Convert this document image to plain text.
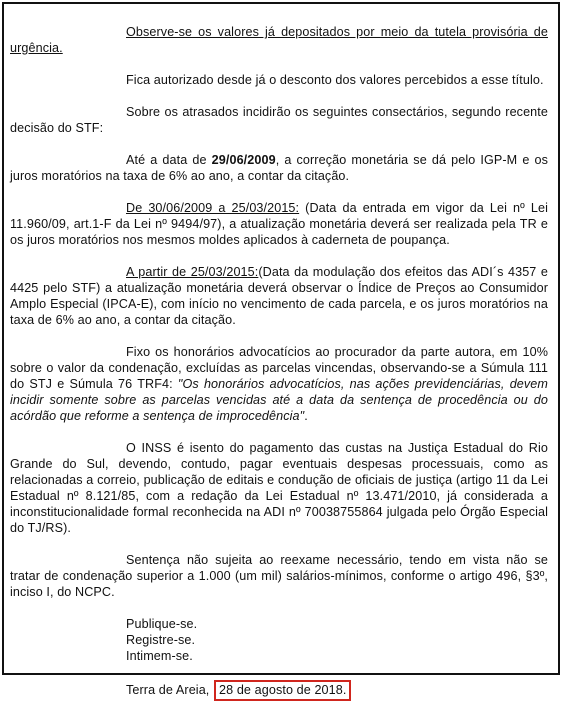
Observe-se os valores já depositados por meio da tutela provisória de urgência.

Fica autorizado desde já o desconto dos valores percebidos a esse título.

Sobre os atrasados incidirão os seguintes consectários, segundo recente decisão do STF:

Até a data de 29/06/2009, a correção monetária se dá pelo IGP-M e os juros moratórios na taxa de 6% ao ano, a contar da citação.

De 30/06/2009 a 25/03/2015: (Data da entrada em vigor da Lei nº Lei 11.960/09, art.1-F da Lei nº 9494/97), a atualização monetária deverá ser realizada pela TR e os juros moratórios nos mesmos moldes aplicados à caderneta de poupança.

A partir de 25/03/2015:(Data da modulação dos efeitos das ADI´s 4357 e 4425 pelo STF) a atualização monetária deverá observar o Índice de Preços ao Consumidor Amplo Especial (IPCA-E), com início no vencimento de cada parcela, e os juros moratórios na taxa de 6% ao ano, a contar da citação.

Fixo os honorários advocatícios ao procurador da parte autora, em 10% sobre o valor da condenação, excluídas as parcelas vincendas, observando-se a Súmula 111 do STJ e Súmula 76 TRF4: "Os honorários advocatícios, nas ações previdenciárias, devem incidir somente sobre as parcelas vencidas até a data da sentença de procedência ou do acórdão que reforme a sentença de improcedência".

O INSS é isento do pagamento das custas na Justiça Estadual do Rio Grande do Sul, devendo, contudo, pagar eventuais despesas processuais, como as relacionadas a correio, publicação de editais e condução de oficiais de justiça (artigo 11 da Lei Estadual nº 8.121/85, com a redação da Lei Estadual nº 13.471/2010, já considerada a inconstitucionalidade formal reconhecida na ADI nº 70038755864 julgada pelo Órgão Especial do TJ/RS).

Sentença não sujeita ao reexame necessário, tendo em vista não se tratar de condenação superior a 1.000 (um mil) salários-mínimos, conforme o artigo 496, §3º, inciso I, do NCPC.

Publique-se.

Registre-se.

Intimem-se.

Terra de Areia, 28 de agosto de 2018.
